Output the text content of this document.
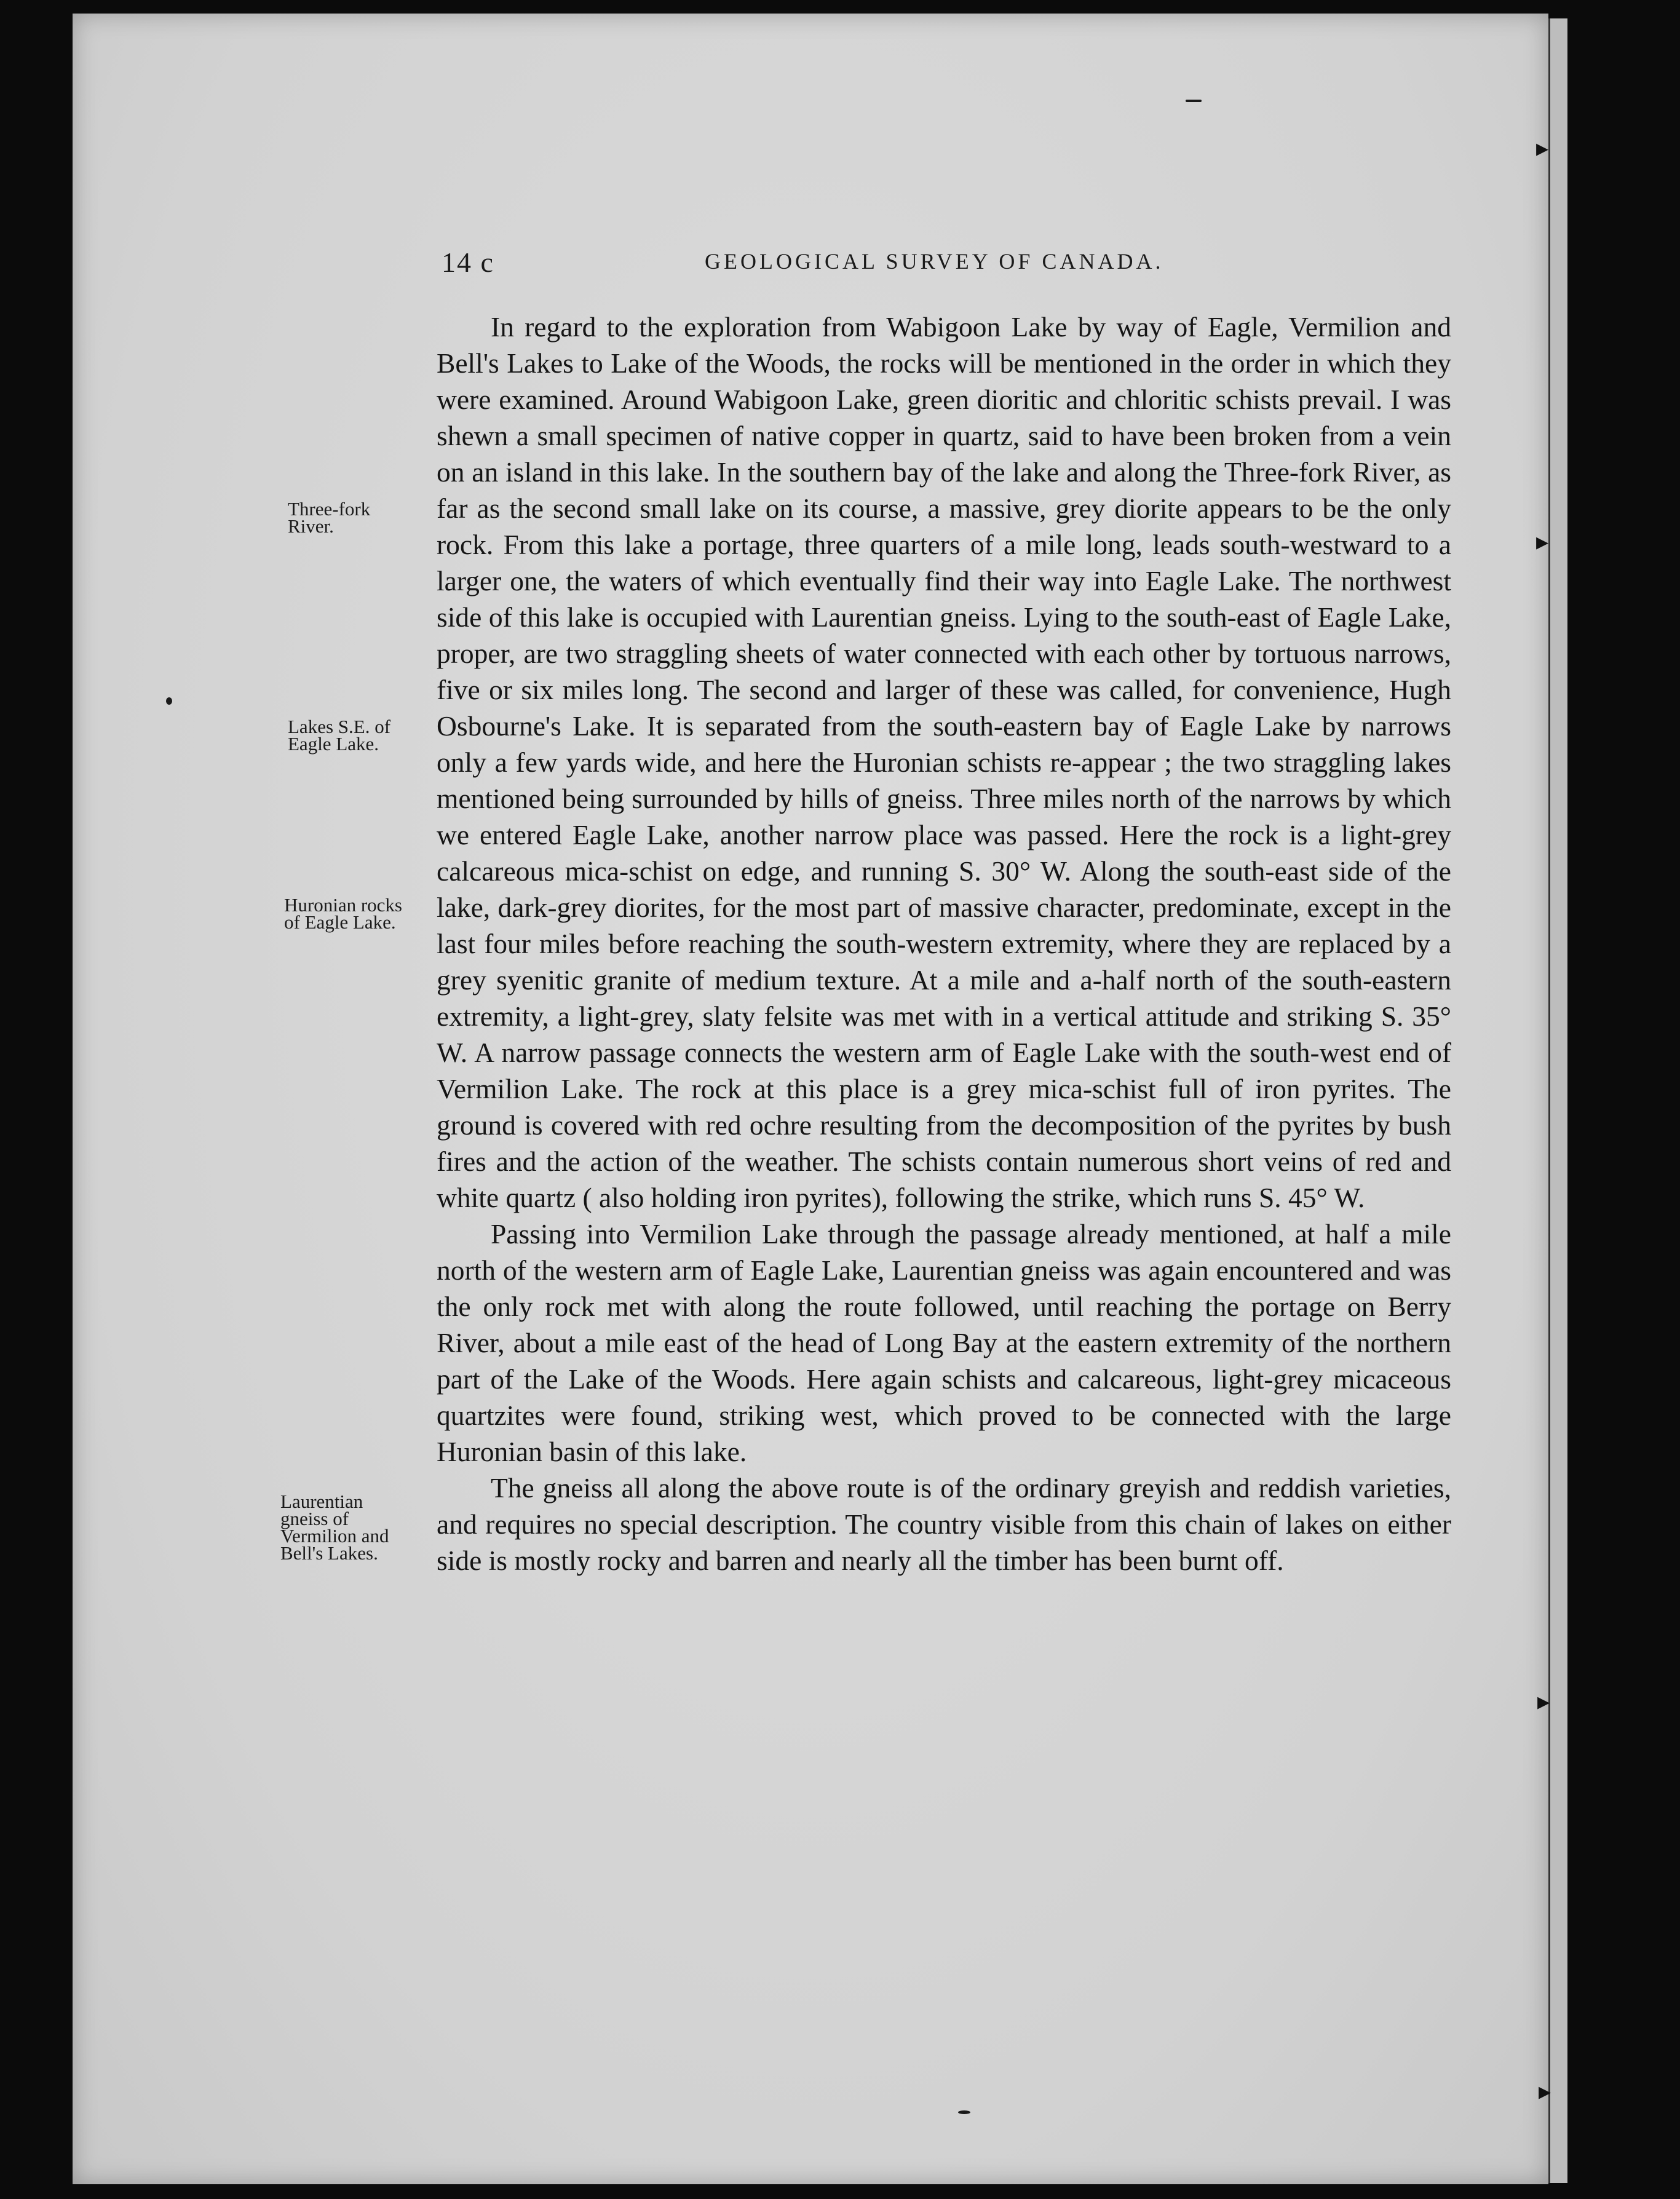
14 c	GEOLOGICAL SURVEY OF CANADA.
Three-fork
River.
Lakes S.E. of
Eagle Lake.
Huronian rocks
of Eagle Lake.
Laurentian
gneiss of
Vermilion and
Bell's Lakes.

In regard to the exploration from Wabigoon Lake by way of Eagle, Vermilion and Bell's Lakes to Lake of the Woods, the rocks will be mentioned in the order in which they were examined. Around Wabigoon Lake, green dioritic and chloritic schists prevail. I was shewn a small specimen of native copper in quartz, said to have been broken from a vein on an island in this lake. In the southern bay of the lake and along the Three-fork River, as far as the second small lake on its course, a massive, grey diorite appears to be the only rock. From this lake a portage, three quarters of a mile long, leads south-westward to a larger one, the waters of which eventually find their way into Eagle Lake. The northwest side of this lake is occupied with Laurentian gneiss. Lying to the south-east of Eagle Lake, proper, are two straggling sheets of water connected with each other by tortuous narrows, five or six miles long. The second and larger of these was called, for convenience, Hugh Osbourne's Lake. It is separated from the south-eastern bay of Eagle Lake by narrows only a few yards wide, and here the Huronian schists re-appear ; the two straggling lakes mentioned being surrounded by hills of gneiss. Three miles north of the narrows by which we entered Eagle Lake, another narrow place was passed. Here the rock is a light-grey calcareous mica-schist on edge, and running S. 30° W. Along the south-east side of the lake, dark-grey diorites, for the most part of massive character, predominate, except in the last four miles before reaching the south-western extremity, where they are replaced by a grey syenitic granite of medium texture. At a mile and a-half north of the south-eastern extremity, a light-grey, slaty felsite was met with in a vertical attitude and striking S. 35° W. A narrow passage connects the western arm of Eagle Lake with the south-west end of Vermilion Lake. The rock at this place is a grey mica-schist full of iron pyrites. The ground is covered with red ochre resulting from the decomposition of the pyrites by bush fires and the action of the weather. The schists contain numerous short veins of red and white quartz ( also holding iron pyrites), following the strike, which runs S. 45° W.

Passing into Vermilion Lake through the passage already mentioned, at half a mile north of the western arm of Eagle Lake, Laurentian gneiss was again encountered and was the only rock met with along the route followed, until reaching the portage on Berry River, about a mile east of the head of Long Bay at the eastern extremity of the northern part of the Lake of the Woods. Here again schists and calcareous, light-grey micaceous quartzites were found, striking west, which proved to be connected with the large Huronian basin of this lake.

The gneiss all along the above route is of the ordinary greyish and reddish varieties, and requires no special description. The country visible from this chain of lakes on either side is mostly rocky and barren and nearly all the timber has been burnt off.

▸
▸
▸
▸
